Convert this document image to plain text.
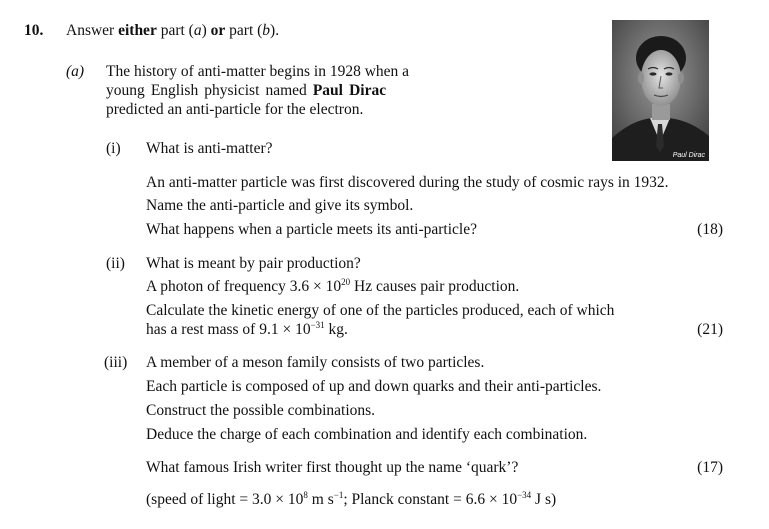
10. Answer either part (a) or part (b).
(a) The history of anti-matter begins in 1928 when a
young English physicist named Paul Dirac
predicted an anti-particle for the electron.
Paul Dirac
(i) What is anti-matter?
An anti-matter particle was first discovered during the study of cosmic rays in 1932.
Name the anti-particle and give its symbol.
What happens when a particle meets its anti-particle?	(18)
(ii) What is meant by pair production?
A photon of frequency $3.6 \times 10^{20}$ Hz causes pair production.
Calculate the kinetic energy of one of the particles produced, each of which
has a rest mass of $9.1 \times 10^{-31}$ kg.	(21)
(iii) A member of a meson family consists of two particles.
Each particle is composed of up and down quarks and their anti-particles.
Construct the possible combinations.
Deduce the charge of each combination and identify each combination.
What famous Irish writer first thought up the name ‘quark’?	(17)
(speed of light = $3.0 \times 10^8$ m $s^{-1}$; Planck constant = $6.6 \times 10^{-34}$ J s)
